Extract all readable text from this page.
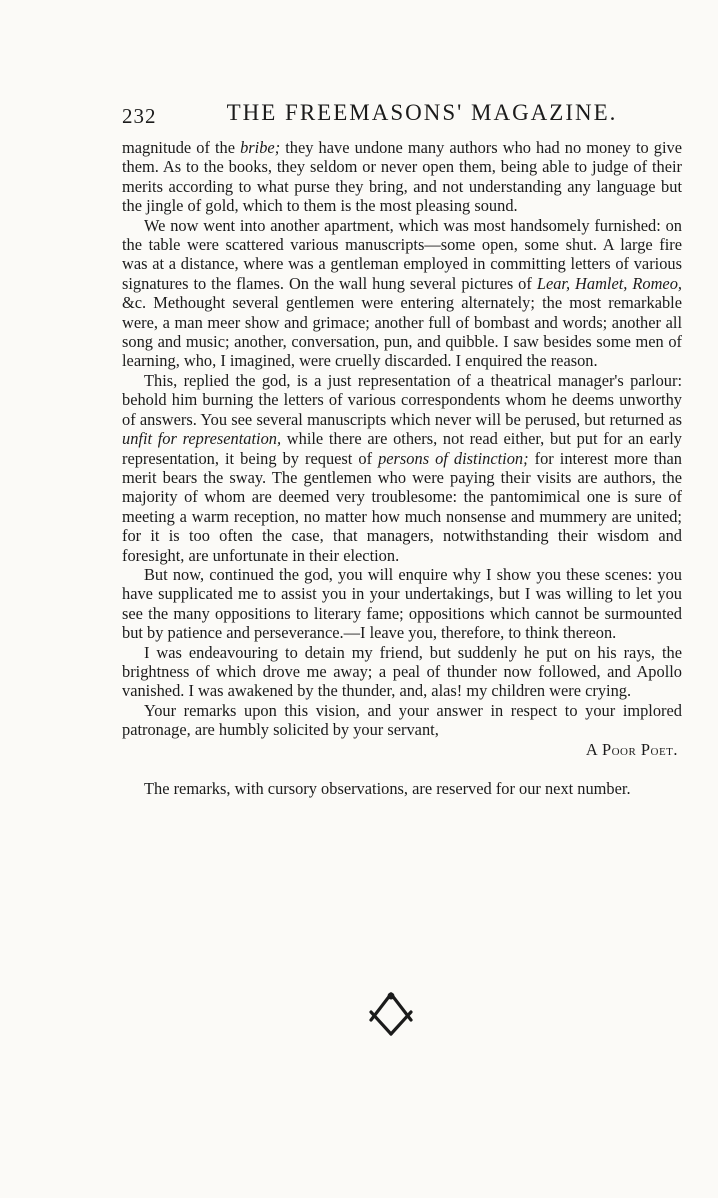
232	THE FREEMASONS' MAGAZINE.

magnitude of the bribe; they have undone many authors who had no money to give them. As to the books, they seldom or never open them, being able to judge of their merits according to what purse they bring, and not understanding any language but the jingle of gold, which to them is the most pleasing sound.

We now went into another apartment, which was most handsomely furnished: on the table were scattered various manuscripts—some open, some shut. A large fire was at a distance, where was a gentleman employed in committing letters of various signatures to the flames. On the wall hung several pictures of Lear, Hamlet, Romeo, &c. Methought several gentlemen were entering alternately; the most remarkable were, a man meer show and grimace; another full of bombast and words; another all song and music; another, conversation, pun, and quibble. I saw besides some men of learning, who, I imagined, were cruelly discarded. I enquired the reason.

This, replied the god, is a just representation of a theatrical manager's parlour: behold him burning the letters of various correspondents whom he deems unworthy of answers. You see several manuscripts which never will be perused, but returned as unfit for representation, while there are others, not read either, but put for an early representation, it being by request of persons of distinction; for interest more than merit bears the sway. The gentlemen who were paying their visits are authors, the majority of whom are deemed very troublesome: the pantomimical one is sure of meeting a warm reception, no matter how much nonsense and mummery are united; for it is too often the case, that managers, notwithstanding their wisdom and foresight, are unfortunate in their election.

But now, continued the god, you will enquire why I show you these scenes: you have supplicated me to assist you in your undertakings, but I was willing to let you see the many oppositions to literary fame; oppositions which cannot be surmounted but by patience and perseverance.—I leave you, therefore, to think thereon.

I was endeavouring to detain my friend, but suddenly he put on his rays, the brightness of which drove me away; a peal of thunder now followed, and Apollo vanished. I was awakened by the thunder, and, alas! my children were crying.

Your remarks upon this vision, and your answer in respect to your implored patronage, are humbly solicited by your servant,

A Poor Poet.

The remarks, with cursory observations, are reserved for our next number.
